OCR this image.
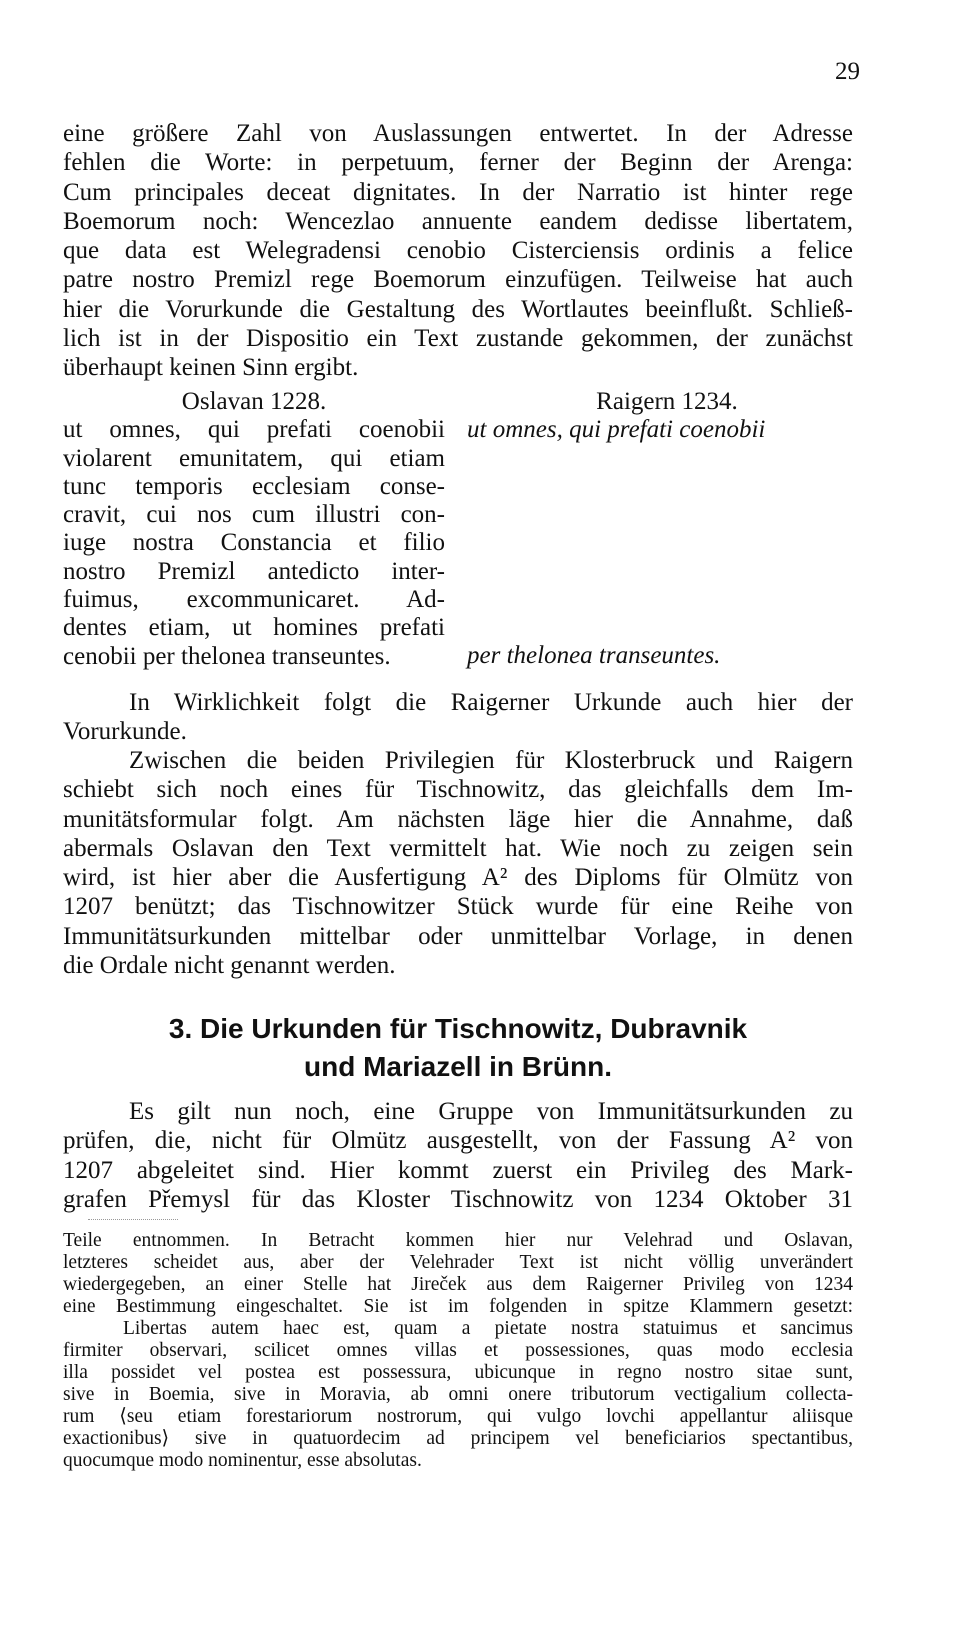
29
eine größere Zahl von Auslassungen entwertet. In der Adresse
fehlen die Worte: in perpetuum, ferner der Beginn der Arenga:
Cum principales deceat dignitates. In der Narratio ist hinter rege
Boemorum noch: Wencezlao annuente eandem dedisse libertatem,
que data est Welegradensi cenobio Cisterciensis ordinis a felice
patre nostro Premizl rege Boemorum einzufügen. Teilweise hat auch
hier die Vorurkunde die Gestaltung des Wortlautes beeinflußt. Schließ-
lich ist in der Dispositio ein Text zustande gekommen, der zunächst
überhaupt keinen Sinn ergibt.
Oslavan 1228.
ut omnes, qui prefati coenobii
violarent emunitatem, qui etiam
tunc temporis ecclesiam conse-
cravit, cui nos cum illustri con-
iuge nostra Constancia et filio
nostro Premizl antedicto inter-
fuimus, excommunicaret. Ad-
dentes etiam, ut homines prefati
cenobii per thelonea transeuntes.
Raigern 1234.
ut omnes, qui prefati coenobii
per thelonea transeuntes.
In Wirklichkeit folgt die Raigerner Urkunde auch hier der
Vorurkunde.
Zwischen die beiden Privilegien für Klosterbruck und Raigern
schiebt sich noch eines für Tischnowitz, das gleichfalls dem Im-
munitätsformular folgt. Am nächsten läge hier die Annahme, daß
abermals Oslavan den Text vermittelt hat. Wie noch zu zeigen sein
wird, ist hier aber die Ausfertigung A² des Diploms für Olmütz von
1207 benützt; das Tischnowitzer Stück wurde für eine Reihe von
Immunitätsurkunden mittelbar oder unmittelbar Vorlage, in denen
die Ordale nicht genannt werden.
3. Die Urkunden für Tischnowitz, Dubravnik
und Mariazell in Brünn.
Es gilt nun noch, eine Gruppe von Immunitätsurkunden zu
prüfen, die, nicht für Olmütz ausgestellt, von der Fassung A² von
1207 abgeleitet sind. Hier kommt zuerst ein Privileg des Mark-
grafen Přemysl für das Kloster Tischnowitz von 1234 Oktober 31
Teile entnommen. In Betracht kommen hier nur Velehrad und Oslavan,
letzteres scheidet aus, aber der Velehrader Text ist nicht völlig unverändert
wiedergegeben, an einer Stelle hat Jireček aus dem Raigerner Privileg von 1234
eine Bestimmung eingeschaltet. Sie ist im folgenden in spitze Klammern gesetzt:
Libertas autem haec est, quam a pietate nostra statuimus et sancimus
firmiter observari, scilicet omnes villas et possessiones, quas modo ecclesia
illa possidet vel postea est possessura, ubicunque in regno nostro sitae sunt,
sive in Boemia, sive in Moravia, ab omni onere tributorum vectigalium collecta-
rum ⟨seu etiam forestariorum nostrorum, qui vulgo lovchi appellantur aliisque
exactionibus⟩ sive in quatuordecim ad principem vel beneficiarios spectantibus,
quocumque modo nominentur, esse absolutas.
